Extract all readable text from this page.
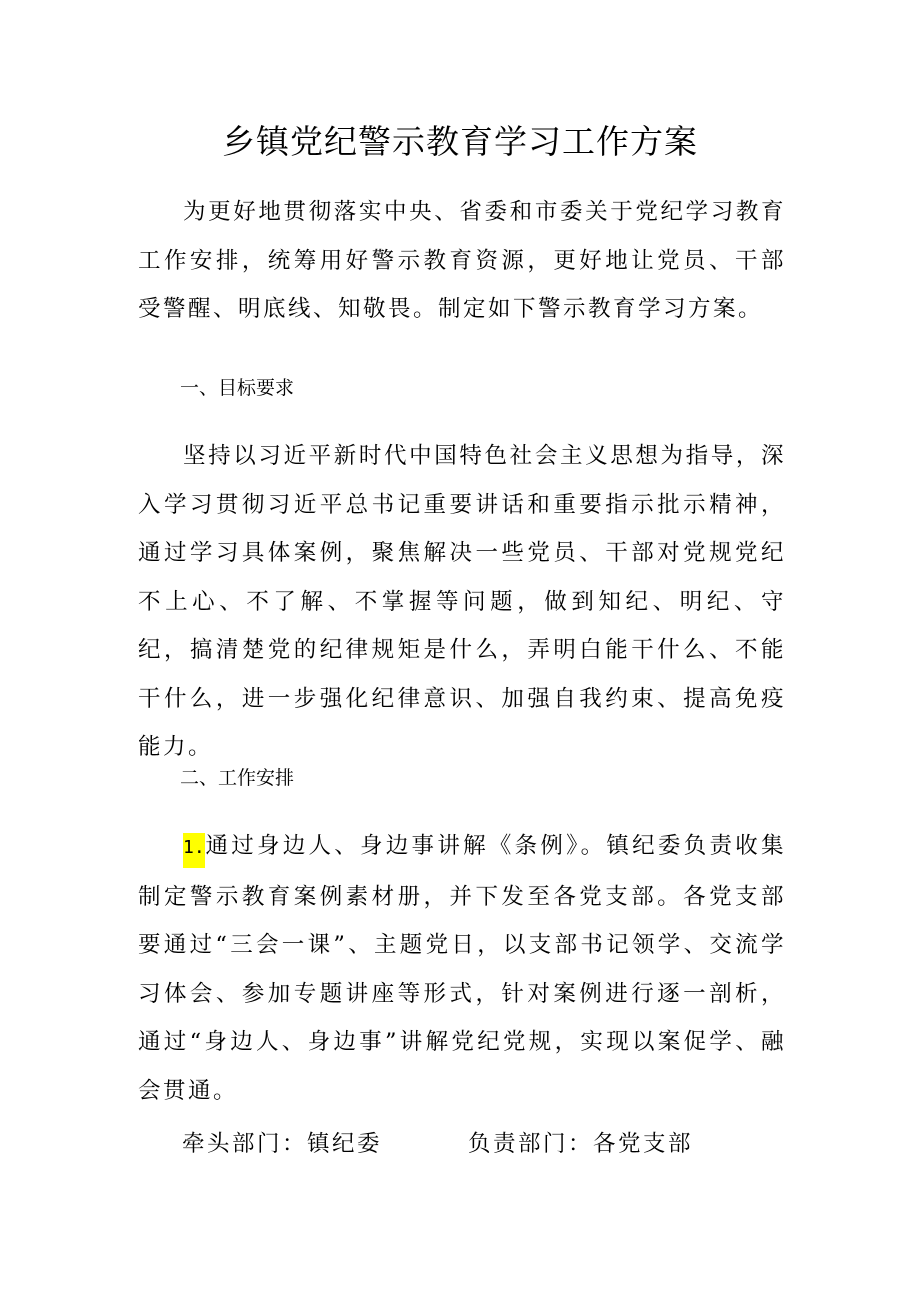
乡镇党纪警示教育学习工作方案

为更好地贯彻落实中央、省委和市委关于党纪学习教育工作安排，统筹用好警示教育资源，更好地让党员、干部受警醒、明底线、知敬畏。制定如下警示教育学习方案。

一、目标要求

坚持以习近平新时代中国特色社会主义思想为指导，深入学习贯彻习近平总书记重要讲话和重要指示批示精神，通过学习具体案例，聚焦解决一些党员、干部对党规党纪不上心、不了解、不掌握等问题，做到知纪、明纪、守纪，搞清楚党的纪律规矩是什么，弄明白能干什么、不能干什么，进一步强化纪律意识、加强自我约束、提高免疫能力。

二、工作安排

1.通过身边人、身边事讲解《条例》。镇纪委负责收集制定警示教育案例素材册，并下发至各党支部。各党支部要通过“三会一课”、主题党日，以支部书记领学、交流学习体会、参加专题讲座等形式，针对案例进行逐一剖析，通过“身边人、身边事”讲解党纪党规，实现以案促学、融会贯通。

牵头部门：镇纪委	负责部门：各党支部
